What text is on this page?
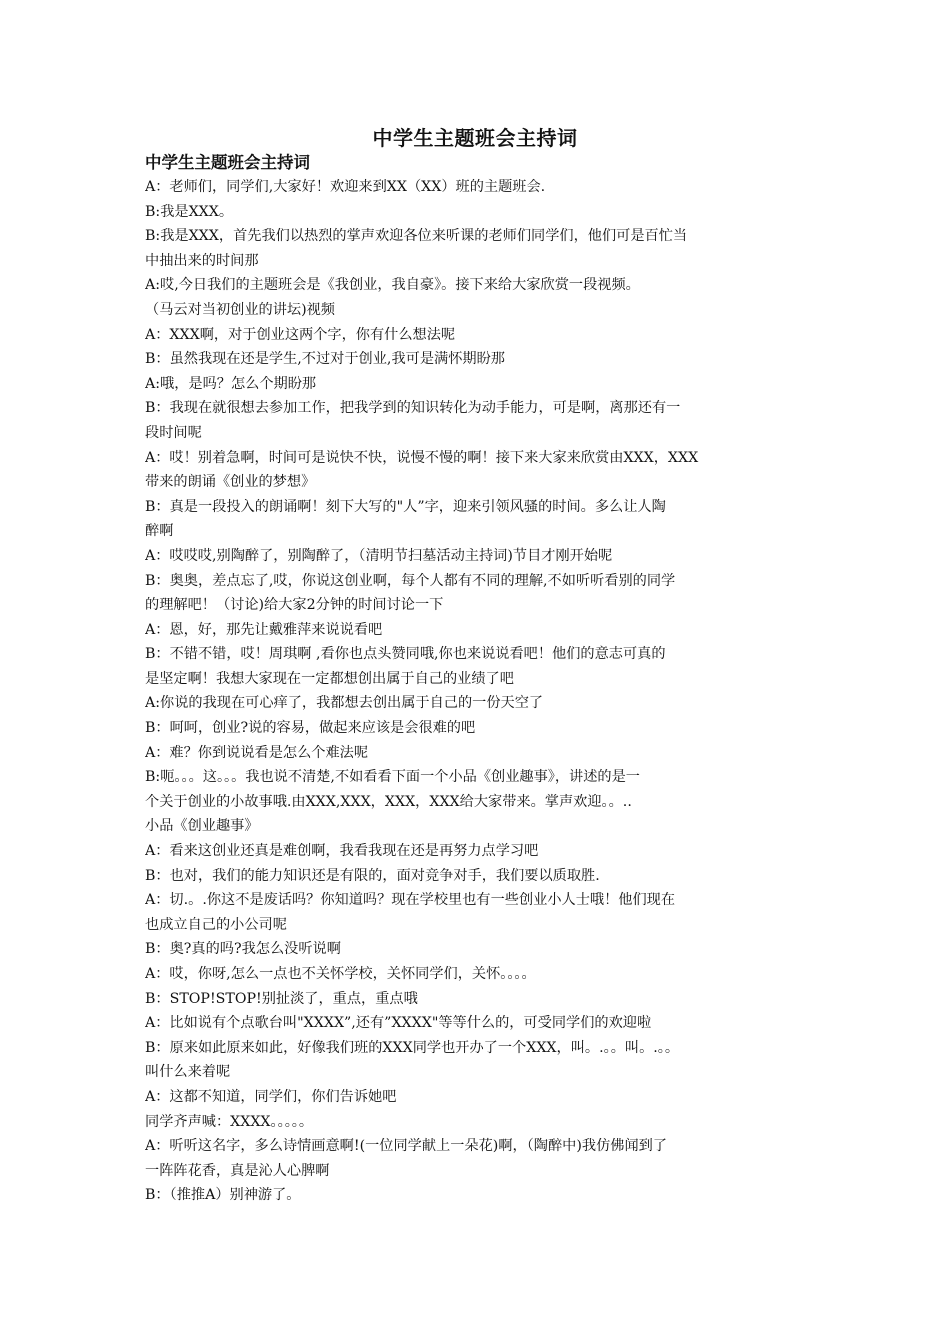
中学生主题班会主持词
中学生主题班会主持词
A：老师们，同学们,大家好！欢迎来到XX（XX）班的主题班会.
B:我是XXX。
B:我是XXX，首先我们以热烈的掌声欢迎各位来听课的老师们同学们，他们可是百忙当
中抽出来的时间那
A:哎,今日我们的主题班会是《我创业，我自豪》。接下来给大家欣赏一段视频。
（马云对当初创业的讲坛)视频
A：XXX啊，对于创业这两个字，你有什么想法呢
B：虽然我现在还是学生,不过对于创业,我可是满怀期盼那
A:哦，是吗？怎么个期盼那
B：我现在就很想去参加工作，把我学到的知识转化为动手能力，可是啊，离那还有一
段时间呢
A：哎！别着急啊，时间可是说快不快，说慢不慢的啊！接下来大家来欣赏由XXX，XXX
带来的朗诵《创业的梦想》
B：真是一段投入的朗诵啊！刻下大写的"人”字，迎来引领风骚的时间。多么让人陶
醉啊
A：哎哎哎,别陶醉了，别陶醉了，（清明节扫墓活动主持词)节目才刚开始呢
B：奥奥，差点忘了,哎，你说这创业啊，每个人都有不同的理解,不如听听看别的同学
的理解吧！（讨论)给大家2分钟的时间讨论一下
A：恩，好，那先让戴雅萍来说说看吧
B：不错不错，哎！周琪啊 ,看你也点头赞同哦,你也来说说看吧！他们的意志可真的
是坚定啊！我想大家现在一定都想创出属于自己的业绩了吧
A:你说的我现在可心痒了，我都想去创出属于自己的一份天空了
B：呵呵，创业?说的容易，做起来应该是会很难的吧
A：难？你到说说看是怎么个难法呢
B:呃。。。这。。。我也说不清楚,不如看看下面一个小品《创业趣事》，讲述的是一
个关于创业的小故事哦.由XXX,XXX，XXX，XXX给大家带来。掌声欢迎。。..
小品《创业趣事》
A：看来这创业还真是难创啊，我看我现在还是再努力点学习吧
B：也对，我们的能力知识还是有限的，面对竞争对手，我们要以质取胜.
A：切.。.你这不是废话吗？你知道吗？现在学校里也有一些创业小人士哦！他们现在
也成立自己的小公司呢
B：奥?真的吗?我怎么没听说啊
A：哎，你呀,怎么一点也不关怀学校，关怀同学们，关怀。。。。
B：STOP!STOP!别扯淡了，重点，重点哦
A：比如说有个点歌台叫"XXXX”,还有”XXXX"等等什么的，可受同学们的欢迎啦
B：原来如此原来如此，好像我们班的XXX同学也开办了一个XXX，叫。.。。叫。.。。
叫什么来着呢
A：这都不知道，同学们，你们告诉她吧
同学齐声喊：XXXX。。。。。
A：听听这名字，多么诗情画意啊!(一位同学献上一朵花)啊，（陶醉中)我仿佛闻到了
一阵阵花香，真是沁人心脾啊
B：（推推A）别神游了。
